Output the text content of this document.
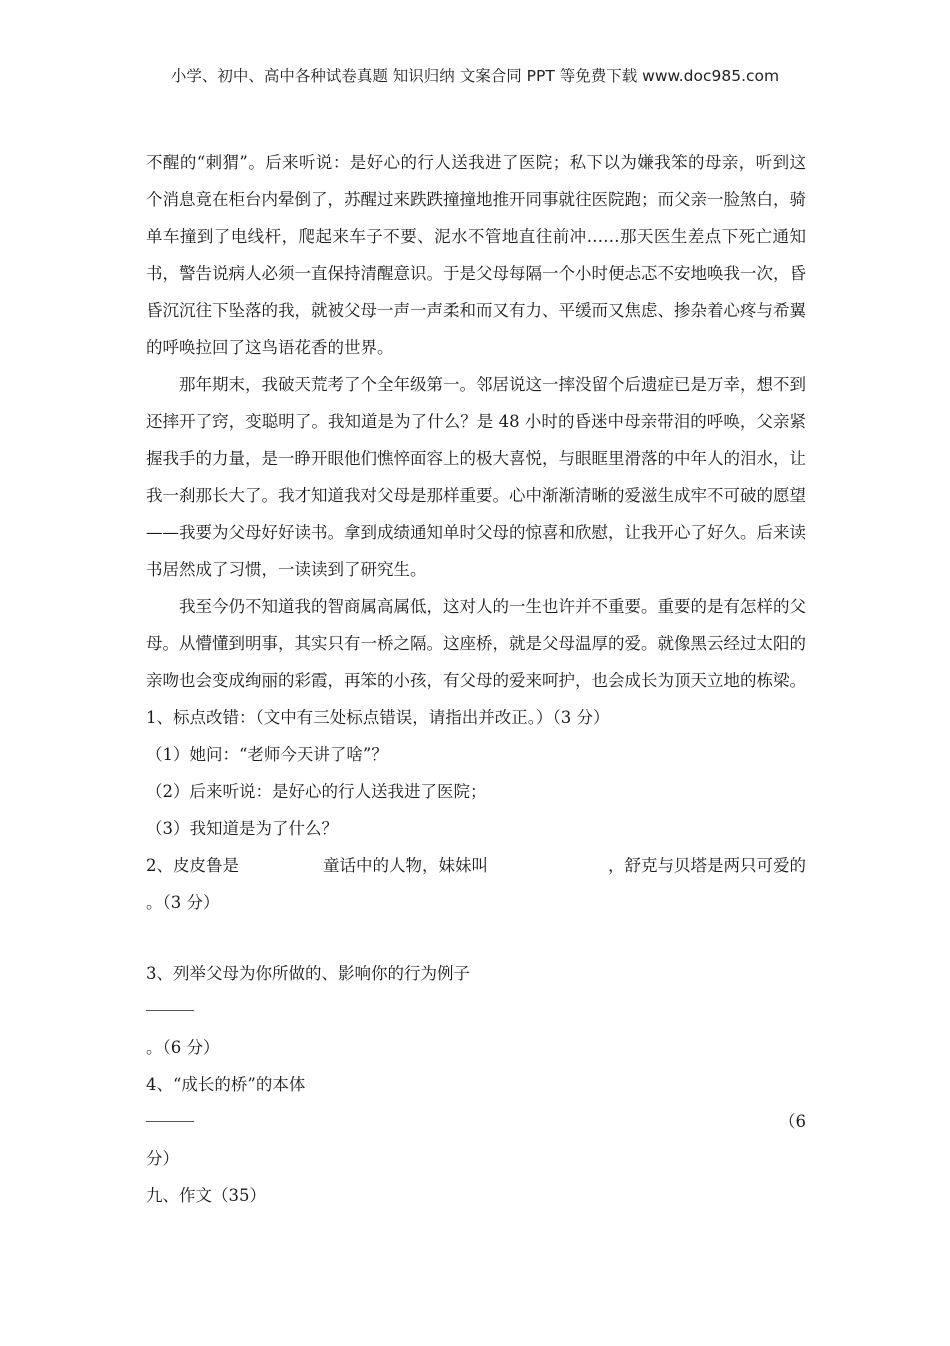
小学、初中、高中各种试卷真题 知识归纳 文案合同 PPT 等免费下载 www.doc985.com

不醒的“刺猬”。后来听说：是好心的行人送我进了医院；私下以为嫌我笨的母亲，听到这个消息竟在柜台内晕倒了，苏醒过来跌跌撞撞地推开同事就往医院跑；而父亲一脸煞白，骑单车撞到了电线杆，爬起来车子不要、泥水不管地直往前冲……那天医生差点下死亡通知书，警告说病人必须一直保持清醒意识。于是父母每隔一个小时便忐忑不安地唤我一次，昏昏沉沉往下坠落的我，就被父母一声一声柔和而又有力、平缓而又焦虑、掺杂着心疼与希翼的呼唤拉回了这鸟语花香的世界。

那年期末，我破天荒考了个全年级第一。邻居说这一摔没留个后遗症已是万幸，想不到还摔开了窍，变聪明了。我知道是为了什么？是 48 小时的昏迷中母亲带泪的呼唤，父亲紧握我手的力量，是一睁开眼他们憔悴面容上的极大喜悦，与眼眶里滑落的中年人的泪水，让我一刹那长大了。我才知道我对父母是那样重要。心中渐渐清晰的爱滋生成牢不可破的愿望——我要为父母好好读书。拿到成绩通知单时父母的惊喜和欣慰，让我开心了好久。后来读书居然成了习惯，一读读到了研究生。

我至今仍不知道我的智商属高属低，这对人的一生也许并不重要。重要的是有怎样的父母。从懵懂到明事，其实只有一桥之隔。这座桥，就是父母温厚的爱。就像黑云经过太阳的亲吻也会变成绚丽的彩霞，再笨的小孩，有父母的爱来呵护，也会成长为顶天立地的栋梁。

1、标点改错：（文中有三处标点错误，请指出并改正。）（3 分）

（1）她问：“老师今天讲了啥”？

（2）后来听说：是好心的行人送我进了医院；

（3）我知道是为了什么？

2、皮皮鲁是	童话中的人物，妹妹叫	，舒克与贝塔是两只可爱的

。（3 分）

3、列举父母为你所做的、影响你的行为例子

。（6 分）

4、“成长的桥”的本体

（6

分）

九、作文（35）
